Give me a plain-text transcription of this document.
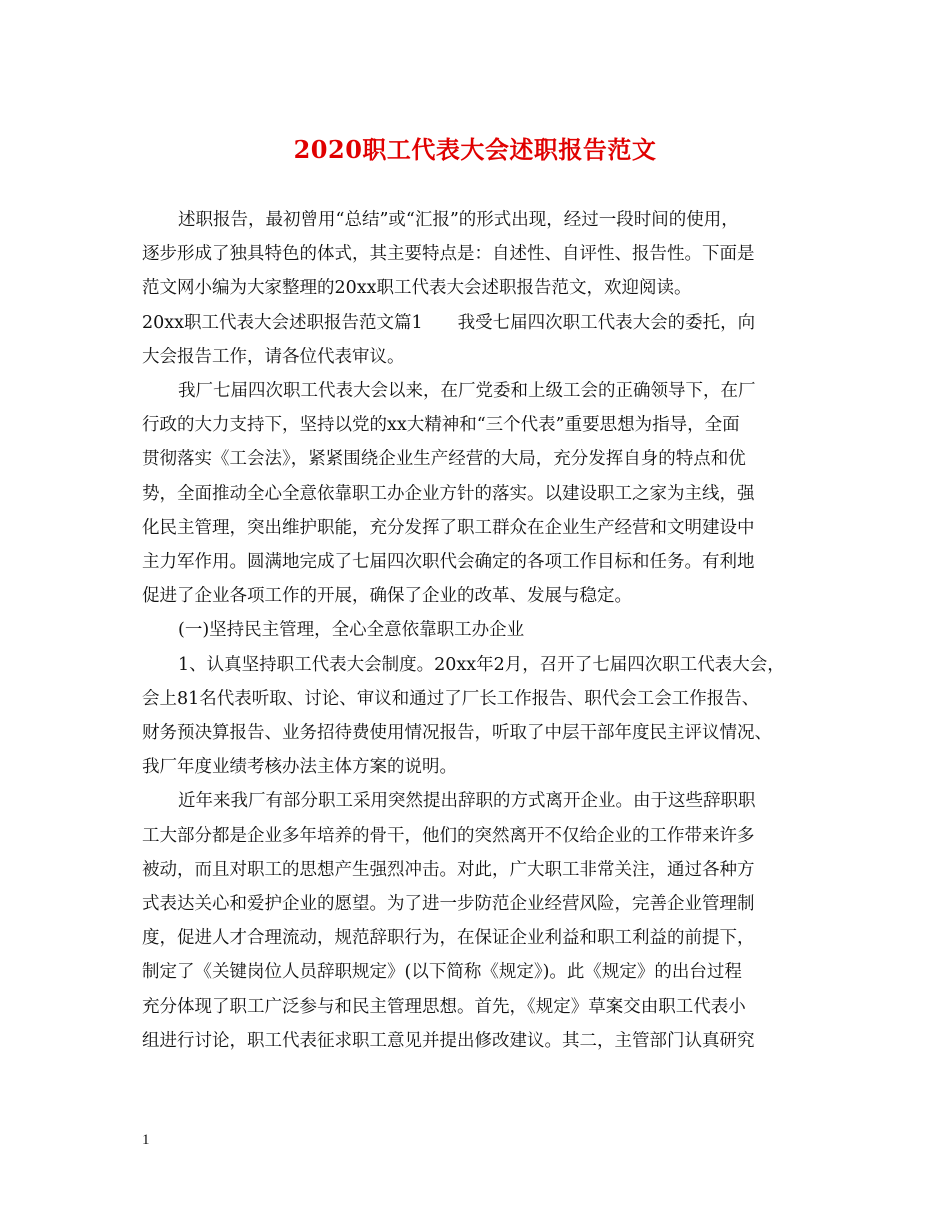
2020职工代表大会述职报告范文

述职报告，最初曾用“总结”或“汇报”的形式出现，经过一段时间的使用，

逐步形成了独具特色的体式，其主要特点是：自述性、自评性、报告性。下面是

范文网小编为大家整理的20xx职工代表大会述职报告范文，欢迎阅读。

20xx职工代表大会述职报告范文篇1　　我受七届四次职工代表大会的委托，向

大会报告工作，请各位代表审议。

我厂七届四次职工代表大会以来，在厂党委和上级工会的正确领导下，在厂

行政的大力支持下，坚持以党的xx大精神和“三个代表”重要思想为指导，全面

贯彻落实《工会法》，紧紧围绕企业生产经营的大局，充分发挥自身的特点和优

势，全面推动全心全意依靠职工办企业方针的落实。以建设职工之家为主线，强

化民主管理，突出维护职能，充分发挥了职工群众在企业生产经营和文明建设中

主力军作用。圆满地完成了七届四次职代会确定的各项工作目标和任务。有利地

促进了企业各项工作的开展，确保了企业的改革、发展与稳定。

(一)坚持民主管理，全心全意依靠职工办企业

1、认真坚持职工代表大会制度。20xx年2月，召开了七届四次职工代表大会，

会上81名代表听取、讨论、审议和通过了厂长工作报告、职代会工会工作报告、

财务预决算报告、业务招待费使用情况报告，听取了中层干部年度民主评议情况、

我厂年度业绩考核办法主体方案的说明。

近年来我厂有部分职工采用突然提出辞职的方式离开企业。由于这些辞职职

工大部分都是企业多年培养的骨干，他们的突然离开不仅给企业的工作带来许多

被动，而且对职工的思想产生强烈冲击。对此，广大职工非常关注，通过各种方

式表达关心和爱护企业的愿望。为了进一步防范企业经营风险，完善企业管理制

度，促进人才合理流动，规范辞职行为，在保证企业利益和职工利益的前提下，

制定了《关键岗位人员辞职规定》(以下简称《规定》)。此《规定》的出台过程

充分体现了职工广泛参与和民主管理思想。首先，《规定》草案交由职工代表小

组进行讨论，职工代表征求职工意见并提出修改建议。其二，主管部门认真研究

1
